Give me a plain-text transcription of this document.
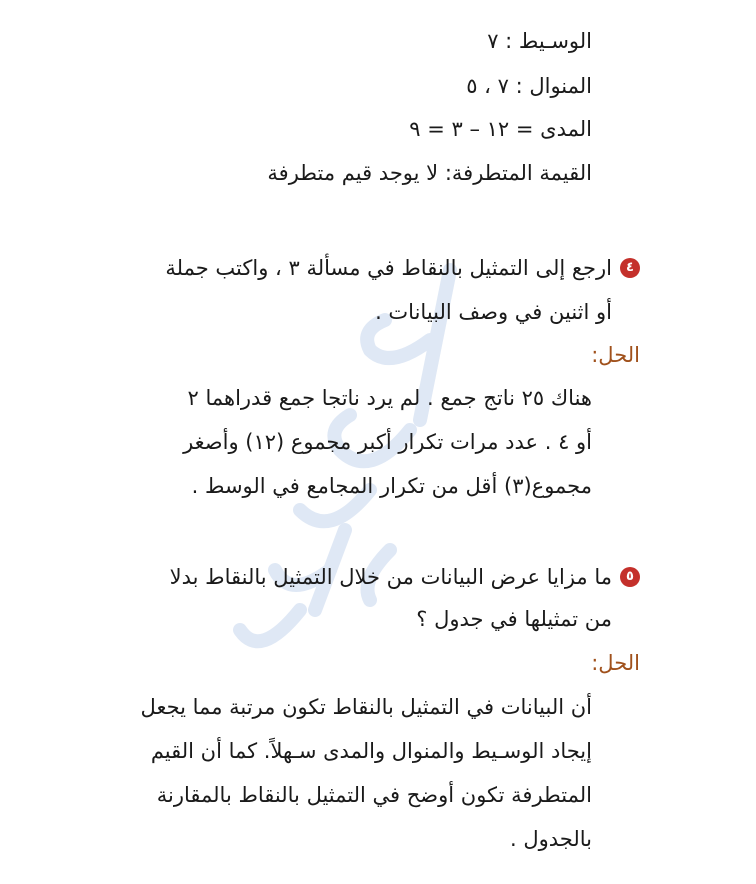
الوسـيط : ٧
المنوال : ٧ ، ٥
المدى = ١٢ – ٣ = ٩
القيمة المتطرفة: لا يوجد قيم متطرفة
٤
ارجع إلى التمثيل بالنقاط في مسألة ٣ ، واكتب جملة
أو اثنين في وصف البيانات .
الحل:
هناك ٢٥ ناتج جمع . لم يرد ناتجا جمع قدراهما ٢
أو ٤ . عدد مرات تكرار أكبر مجموع (١٢) وأصغر
مجموع(٣) أقل من تكرار المجامع في الوسط .
٥
ما مزايا عرض البيانات من خلال التمثيل بالنقاط بدلا
من تمثيلها في جدول ؟
الحل:
أن البيانات في التمثيل بالنقاط تكون مرتبة مما يجعل
إيجاد الوسـيط والمنوال والمدى سـهلاً. كما أن القيم
المتطرفة تكون أوضح في التمثيل بالنقاط بالمقارنة
بالجدول .
